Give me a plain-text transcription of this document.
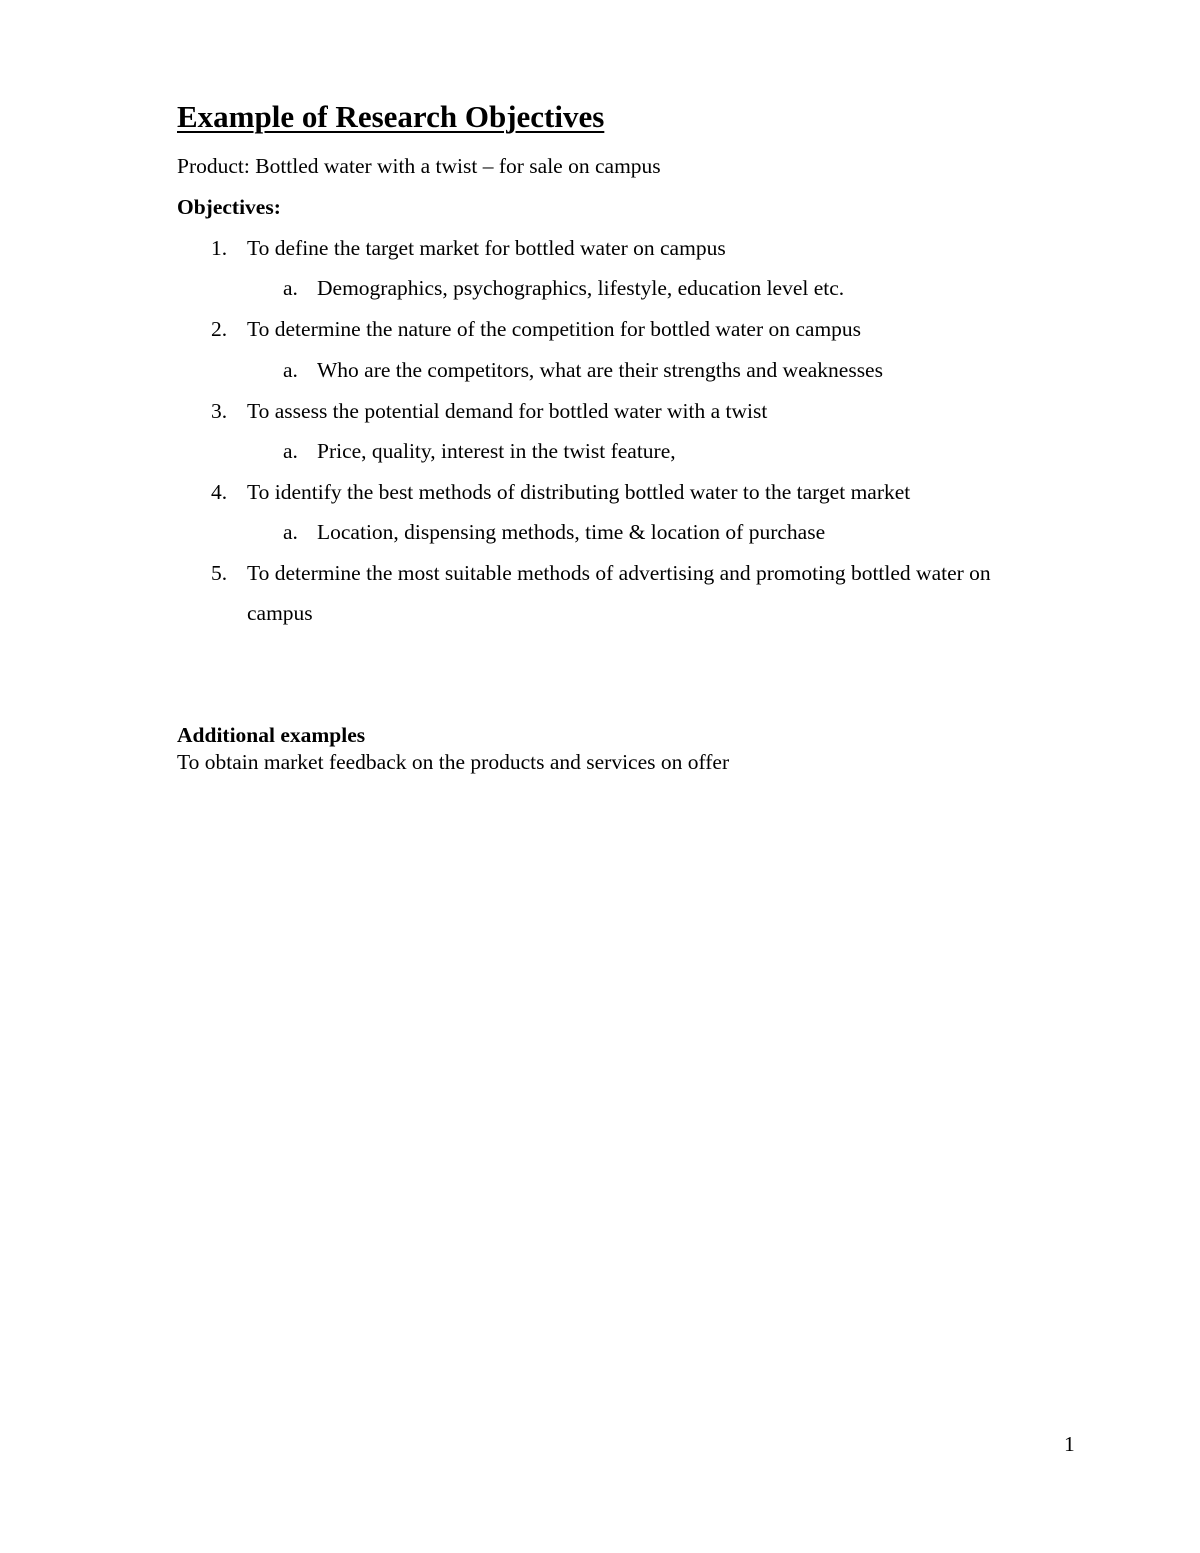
Example of Research Objectives
Product: Bottled water with a twist – for sale on campus
Objectives:
1. To define the target market for bottled water on campus
a. Demographics, psychographics, lifestyle, education level etc.
2. To determine the nature of the competition for bottled water on campus
a. Who are the competitors, what are their strengths and weaknesses
3. To assess the potential demand for bottled water with a twist
a. Price, quality, interest in the twist feature,
4. To identify the best methods of distributing bottled water to the target market
a. Location, dispensing methods, time & location of purchase
5. To determine the most suitable methods of advertising and promoting bottled water on
campus
Additional examples
To obtain market feedback on the products and services on offer
1
